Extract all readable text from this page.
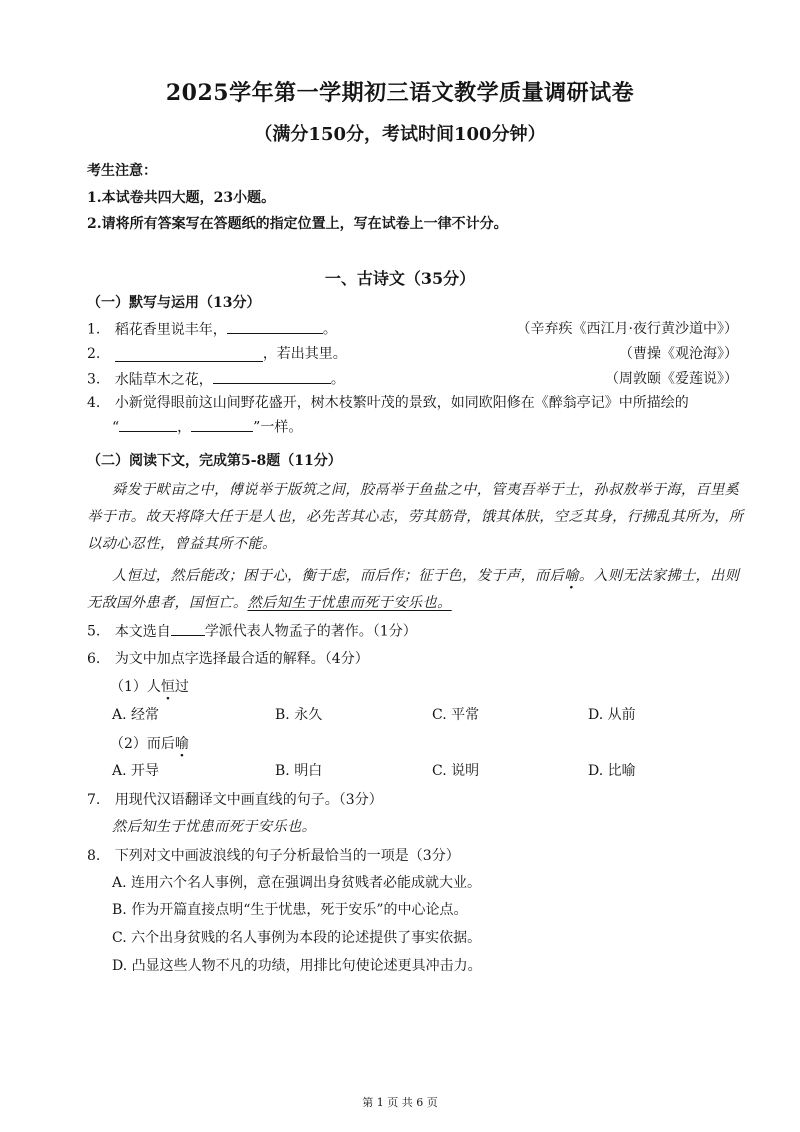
2025学年第一学期初三语文教学质量调研试卷
（满分150分，考试时间100分钟）
考生注意：
1.本试卷共四大题，23小题。
2.请将所有答案写在答题纸的指定位置上，写在试卷上一律不计分。
一、古诗文（35分）
（一）默写与运用（13分）
1. 稻花香里说丰年，	。	（辛弃疾《西江月·夜行黄沙道中》）
2.	，若出其里。	（曹操《观沧海》）
3. 水陆草木之花，	。	（周敦颐《爱莲说》）
4. 小新觉得眼前这山间野花盛开，树木枝繁叶茂的景致，如同欧阳修在《醉翁亭记》中所描绘的
“	，	”一样。
（二）阅读下文，完成第5-8题（11分）
舜发于畎亩之中，傅说举于版筑之间，胶鬲举于鱼盐之中，管夷吾举于士，孙叔敖举于海，百里奚
举于市。故天将降大任于是人也，必先苦其心志，劳其筋骨，饿其体肤，空乏其身，行拂乱其所为，所
以动心忍性，曾益其所不能。
人恒过，然后能改；困于心，衡于虑，而后作；征于色，发于声，而后喻。入则无法家拂士，出则
无敌国外患者，国恒亡。然后知生于忧患而死于安乐也。
5. 本文选自 学派代表人物孟子的著作。（1分）
6. 为文中加点字选择最合适的解释。（4分）
（1）人恒过
A. 经常	B. 永久	C. 平常	D. 从前
（2）而后喻
A. 开导	B. 明白	C. 说明	D. 比喻
7. 用现代汉语翻译文中画直线的句子。（3分）
然后知生于忧患而死于安乐也。
8. 下列对文中画波浪线的句子分析最恰当的一项是（3分）
A. 连用六个名人事例，意在强调出身贫贱者必能成就大业。
B. 作为开篇直接点明“生于忧患，死于安乐”的中心论点。
C. 六个出身贫贱的名人事例为本段的论述提供了事实依据。
D. 凸显这些人物不凡的功绩，用排比句使论述更具冲击力。
第 1 页 共 6 页
